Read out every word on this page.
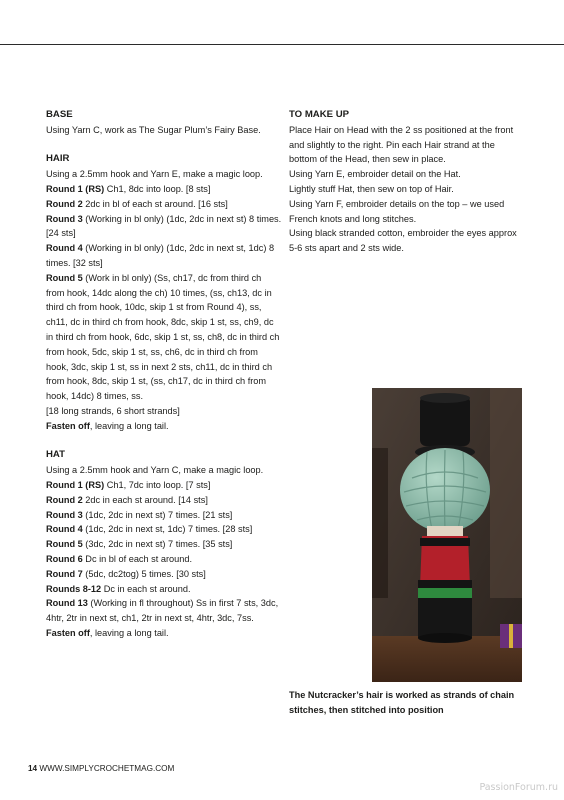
BASE

Using Yarn C, work as The Sugar Plum’s Fairy Base.

HAIR

Using a 2.5mm hook and Yarn E, make a magic loop.

Round 1 (RS) Ch1, 8dc into loop. [8 sts]
Round 2 2dc in bl of each st around. [16 sts]
Round 3 (Working in bl only) (1dc, 2dc in next st) 8 times. [24 sts]
Round 4 (Working in bl only) (1dc, 2dc in next st, 1dc) 8 times. [32 sts]
Round 5 (Work in bl only) (Ss, ch17, dc from third ch from hook, 14dc along the ch) 10 times, (ss, ch13, dc in third ch from hook, 10dc, skip 1 st from Round 4), ss, ch11, dc in third ch from hook, 8dc, skip 1 st, ss, ch9, dc in third ch from hook, 6dc, skip 1 st, ss, ch8, dc in third ch from hook, 5dc, skip 1 st, ss, ch6, dc in third ch from hook, 3dc, skip 1 st, ss in next 2 sts, ch11, dc in third ch from hook, 8dc, skip 1 st, (ss, ch17, dc in third ch from hook, 14dc) 8 times, ss.
[18 long strands, 6 short strands]
Fasten off, leaving a long tail.

HAT

Using a 2.5mm hook and Yarn C, make a magic loop.

Round 1 (RS) Ch1, 7dc into loop. [7 sts]
Round 2 2dc in each st around. [14 sts]
Round 3 (1dc, 2dc in next st) 7 times. [21 sts]
Round 4 (1dc, 2dc in next st, 1dc) 7 times. [28 sts]
Round 5 (3dc, 2dc in next st) 7 times. [35 sts]
Round 6 Dc in bl of each st around.
Round 7 (5dc, dc2tog) 5 times. [30 sts]
Rounds 8-12 Dc in each st around.
Round 13 (Working in fl throughout) Ss in first 7 sts, 3dc, 4htr, 2tr in next st, ch1, 2tr in next st, 4htr, 3dc, 7ss.
Fasten off, leaving a long tail.

TO MAKE UP

Place Hair on Head with the 2 ss positioned at the front and slightly to the right. Pin each Hair strand at the bottom of the Head, then sew in place.
Using Yarn E, embroider detail on the Hat.
Lightly stuff Hat, then sew on top of Hair.
Using Yarn F, embroider details on the top – we used French knots and long stitches.
Using black stranded cotton, embroider the eyes approx 5-6 sts apart and 2 sts wide.
The Nutcracker’s hair is worked as strands of chain stitches, then stitched into position
14 WWW.SIMPLYCROCHETMAG.COM
PassionForum.ru
